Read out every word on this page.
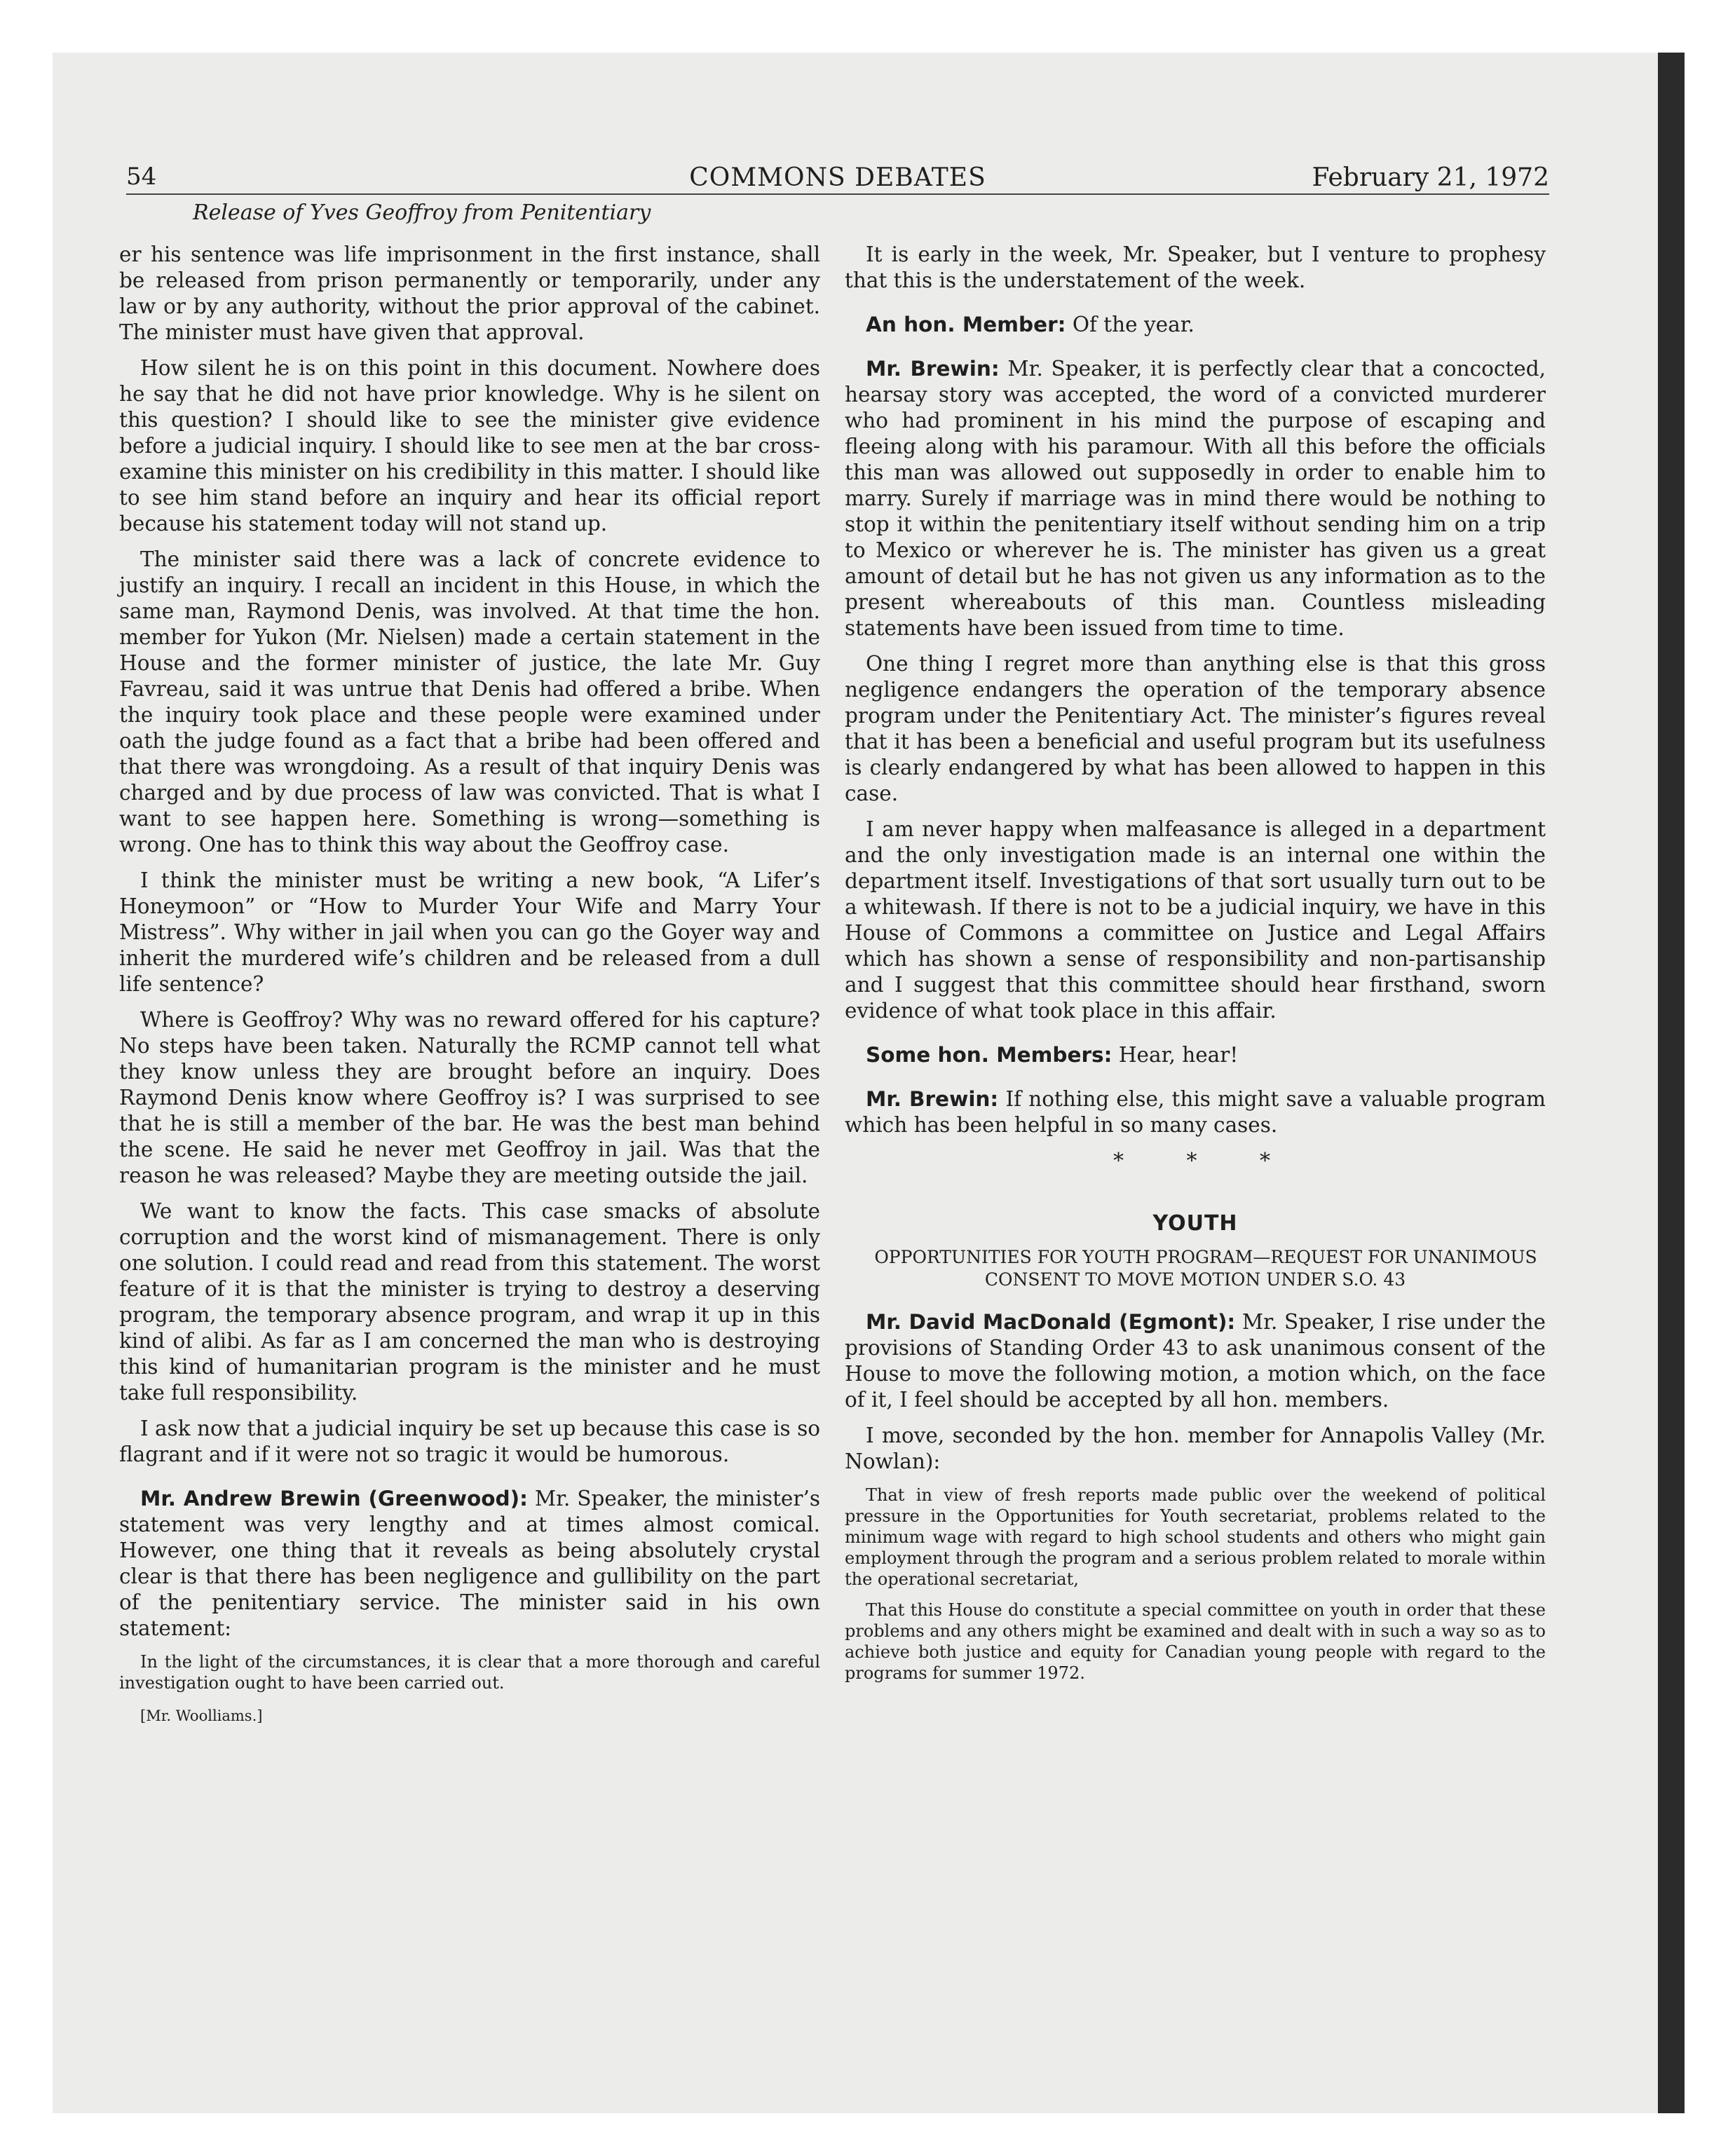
54	COMMONS DEBATES	February 21, 1972
Release of Yves Geoffroy from Penitentiary

er his sentence was life imprisonment in the first instance, shall be released from prison permanently or temporarily, under any law or by any authority, without the prior approval of the cabinet. The minister must have given that approval.

How silent he is on this point in this document. Nowhere does he say that he did not have prior knowledge. Why is he silent on this question? I should like to see the minister give evidence before a judicial inquiry. I should like to see men at the bar cross-examine this minister on his credibility in this matter. I should like to see him stand before an inquiry and hear its official report because his statement today will not stand up.

The minister said there was a lack of concrete evidence to justify an inquiry. I recall an incident in this House, in which the same man, Raymond Denis, was involved. At that time the hon. member for Yukon (Mr. Nielsen) made a certain statement in the House and the former minister of justice, the late Mr. Guy Favreau, said it was untrue that Denis had offered a bribe. When the inquiry took place and these people were examined under oath the judge found as a fact that a bribe had been offered and that there was wrongdoing. As a result of that inquiry Denis was charged and by due process of law was convicted. That is what I want to see happen here. Something is wrong—something is wrong. One has to think this way about the Geoffroy case.

I think the minister must be writing a new book, “A Lifer’s Honeymoon” or “How to Murder Your Wife and Marry Your Mistress”. Why wither in jail when you can go the Goyer way and inherit the murdered wife’s children and be released from a dull life sentence?

Where is Geoffroy? Why was no reward offered for his capture? No steps have been taken. Naturally the RCMP cannot tell what they know unless they are brought before an inquiry. Does Raymond Denis know where Geoffroy is? I was surprised to see that he is still a member of the bar. He was the best man behind the scene. He said he never met Geoffroy in jail. Was that the reason he was released? Maybe they are meeting outside the jail.

We want to know the facts. This case smacks of absolute corruption and the worst kind of mismanagement. There is only one solution. I could read and read from this statement. The worst feature of it is that the minister is trying to destroy a deserving program, the temporary absence program, and wrap it up in this kind of alibi. As far as I am concerned the man who is destroying this kind of humanitarian program is the minister and he must take full responsibility.

I ask now that a judicial inquiry be set up because this case is so flagrant and if it were not so tragic it would be humorous.

Mr. Andrew Brewin (Greenwood): Mr. Speaker, the minister’s statement was very lengthy and at times almost comical. However, one thing that it reveals as being absolutely crystal clear is that there has been negligence and gullibility on the part of the penitentiary service. The minister said in his own statement:

In the light of the circumstances, it is clear that a more thorough and careful investigation ought to have been carried out.

[Mr. Woolliams.]

It is early in the week, Mr. Speaker, but I venture to prophesy that this is the understatement of the week.

An hon. Member: Of the year.

Mr. Brewin: Mr. Speaker, it is perfectly clear that a concocted, hearsay story was accepted, the word of a convicted murderer who had prominent in his mind the purpose of escaping and fleeing along with his paramour. With all this before the officials this man was allowed out supposedly in order to enable him to marry. Surely if marriage was in mind there would be nothing to stop it within the penitentiary itself without sending him on a trip to Mexico or wherever he is. The minister has given us a great amount of detail but he has not given us any information as to the present whereabouts of this man. Countless misleading statements have been issued from time to time.

One thing I regret more than anything else is that this gross negligence endangers the operation of the temporary absence program under the Penitentiary Act. The minister’s figures reveal that it has been a beneficial and useful program but its usefulness is clearly endangered by what has been allowed to happen in this case.

I am never happy when malfeasance is alleged in a department and the only investigation made is an internal one within the department itself. Investigations of that sort usually turn out to be a whitewash. If there is not to be a judicial inquiry, we have in this House of Commons a committee on Justice and Legal Affairs which has shown a sense of responsibility and non-partisanship and I suggest that this committee should hear firsthand, sworn evidence of what took place in this affair.

Some hon. Members: Hear, hear!

Mr. Brewin: If nothing else, this might save a valuable program which has been helpful in so many cases.

* * *

YOUTH

OPPORTUNITIES FOR YOUTH PROGRAM—REQUEST FOR UNANIMOUS CONSENT TO MOVE MOTION UNDER S.O. 43

Mr. David MacDonald (Egmont): Mr. Speaker, I rise under the provisions of Standing Order 43 to ask unanimous consent of the House to move the following motion, a motion which, on the face of it, I feel should be accepted by all hon. members.

I move, seconded by the hon. member for Annapolis Valley (Mr. Nowlan):

That in view of fresh reports made public over the weekend of political pressure in the Opportunities for Youth secretariat, problems related to the minimum wage with regard to high school students and others who might gain employment through the program and a serious problem related to morale within the operational secretariat,

That this House do constitute a special committee on youth in order that these problems and any others might be examined and dealt with in such a way so as to achieve both justice and equity for Canadian young people with regard to the programs for summer 1972.
